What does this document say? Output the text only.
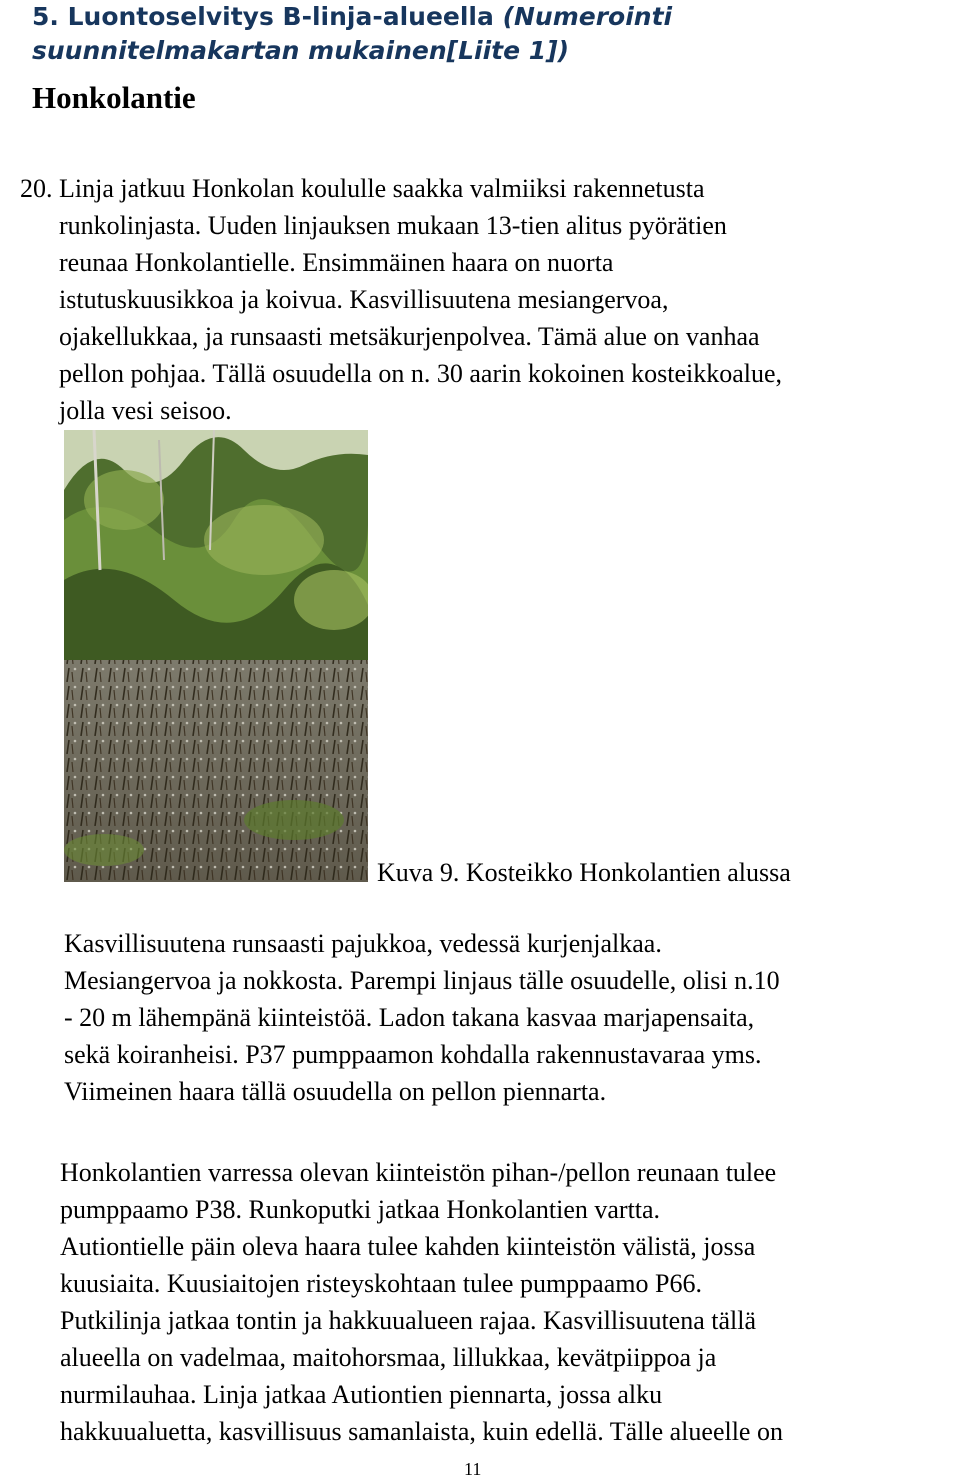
5. Luontoselvitys B-linja-alueella (Numerointi
suunnitelmakartan mukainen[Liite 1])
Honkolantie
20. Linja jatkuu Honkolan koululle saakka valmiiksi rakennetusta
runkolinjasta. Uuden linjauksen mukaan 13-tien alitus pyörätien
reunaa Honkolantielle. Ensimmäinen haara on nuorta
istutuskuusikkoa ja koivua. Kasvillisuutena mesiangervoa,
ojakellukkaa, ja runsaasti metsäkurjenpolvea. Tämä alue on vanhaa
pellon pohjaa. Tällä osuudella on n. 30 aarin kokoinen kosteikkoalue,
jolla vesi seisoo.
Kuva 9. Kosteikko Honkolantien alussa
Kasvillisuutena runsaasti pajukkoa, vedessä kurjenjalkaa.
Mesiangervoa ja nokkosta. Parempi linjaus tälle osuudelle, olisi n.10
- 20 m lähempänä kiinteistöä. Ladon takana kasvaa marjapensaita,
sekä koiranheisi. P37 pumppaamon kohdalla rakennustavaraa yms.
Viimeinen haara tällä osuudella on pellon piennarta.
Honkolantien varressa olevan kiinteistön pihan-/pellon reunaan tulee
pumppaamo P38. Runkoputki jatkaa Honkolantien vartta.
Autiontielle päin oleva haara tulee kahden kiinteistön välistä, jossa
kuusiaita. Kuusiaitojen risteyskohtaan tulee pumppaamo P66.
Putkilinja jatkaa tontin ja hakkuualueen rajaa. Kasvillisuutena tällä
alueella on vadelmaa, maitohorsmaa, lillukkaa, kevätpiippoa ja
nurmilauhaa. Linja jatkaa Autiontien piennarta, jossa alku
hakkuualuetta, kasvillisuus samanlaista, kuin edellä. Tälle alueelle on
11
